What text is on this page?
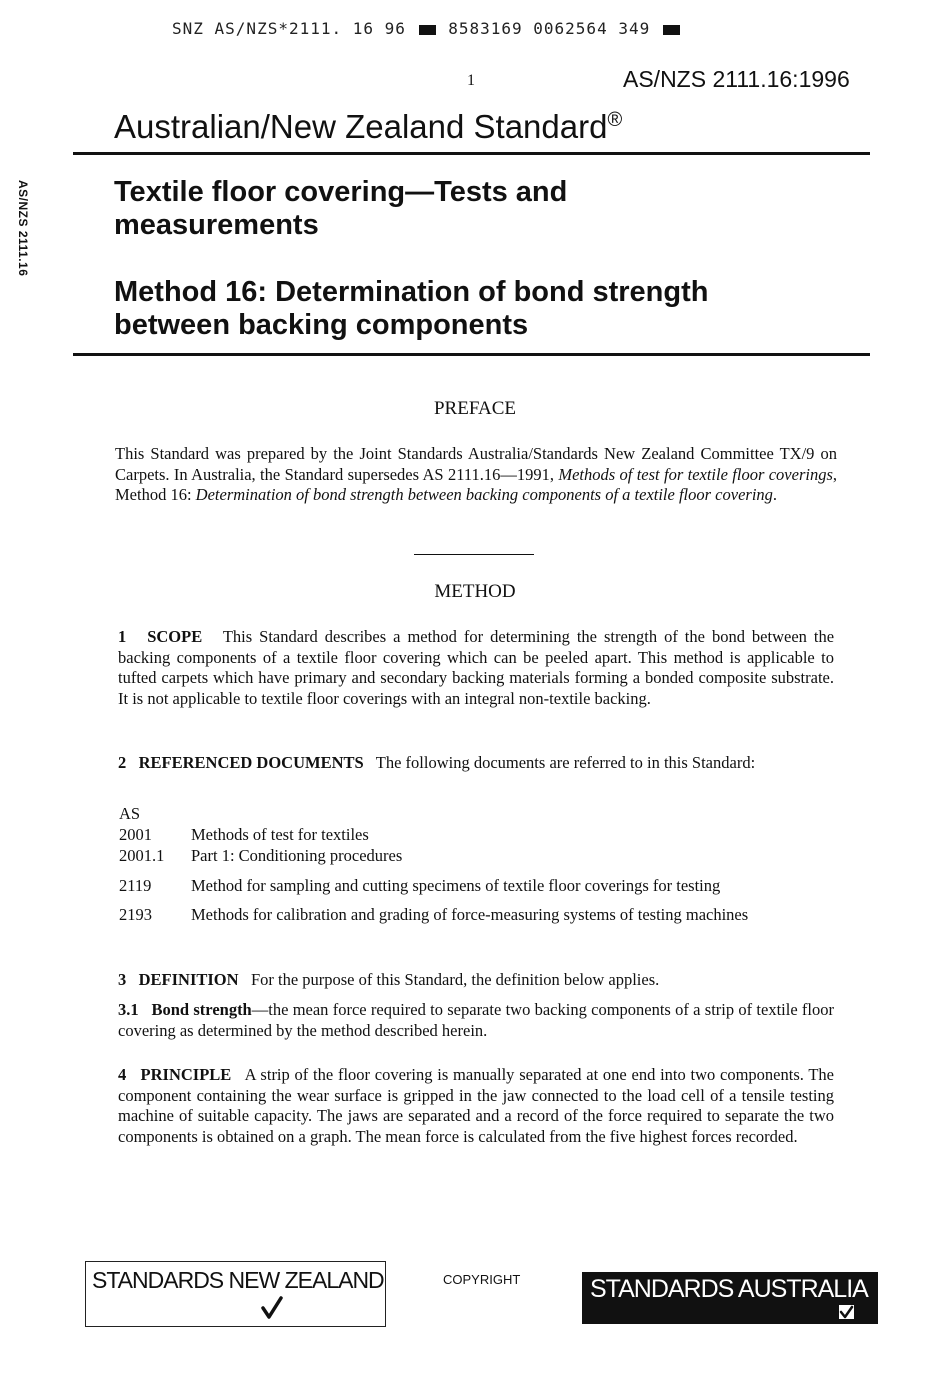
SNZ AS/NZS*2111. 16 96	8583169 0062564 349
1	AS/NZS 2111.16:1996
AS/NZS 2111.16
Australian/New Zealand Standard®
Textile floor covering—Tests and
measurements
Method 16: Determination of bond strength
between backing components
PREFACE
This Standard was prepared by the Joint Standards Australia/Standards New Zealand Committee TX/9 on Carpets. In Australia, the Standard supersedes AS 2111.16—1991, Methods of test for textile floor coverings, Method 16: Determination of bond strength between backing components of a textile floor covering.
METHOD
1 SCOPE This Standard describes a method for determining the strength of the bond between the backing components of a textile floor covering which can be peeled apart. This method is applicable to tufted carpets which have primary and secondary backing materials forming a bonded composite substrate. It is not applicable to textile floor coverings with an integral non-textile backing.
2 REFERENCED DOCUMENTS The following documents are referred to in this Standard:
AS
2001 Methods of test for textiles
2001.1 Part 1: Conditioning procedures
2119 Method for sampling and cutting specimens of textile floor coverings for testing
2193 Methods for calibration and grading of force-measuring systems of testing machines
3 DEFINITION For the purpose of this Standard, the definition below applies.
3.1 Bond strength—the mean force required to separate two backing components of a strip of textile floor covering as determined by the method described herein.
4 PRINCIPLE A strip of the floor covering is manually separated at one end into two components. The component containing the wear surface is gripped in the jaw connected to the load cell of a tensile testing machine of suitable capacity. The jaws are separated and a record of the force required to separate the two components is obtained on a graph. The mean force is calculated from the five highest forces recorded.
STANDARDS NEW ZEALAND	COPYRIGHT	STANDARDS AUSTRALIA
